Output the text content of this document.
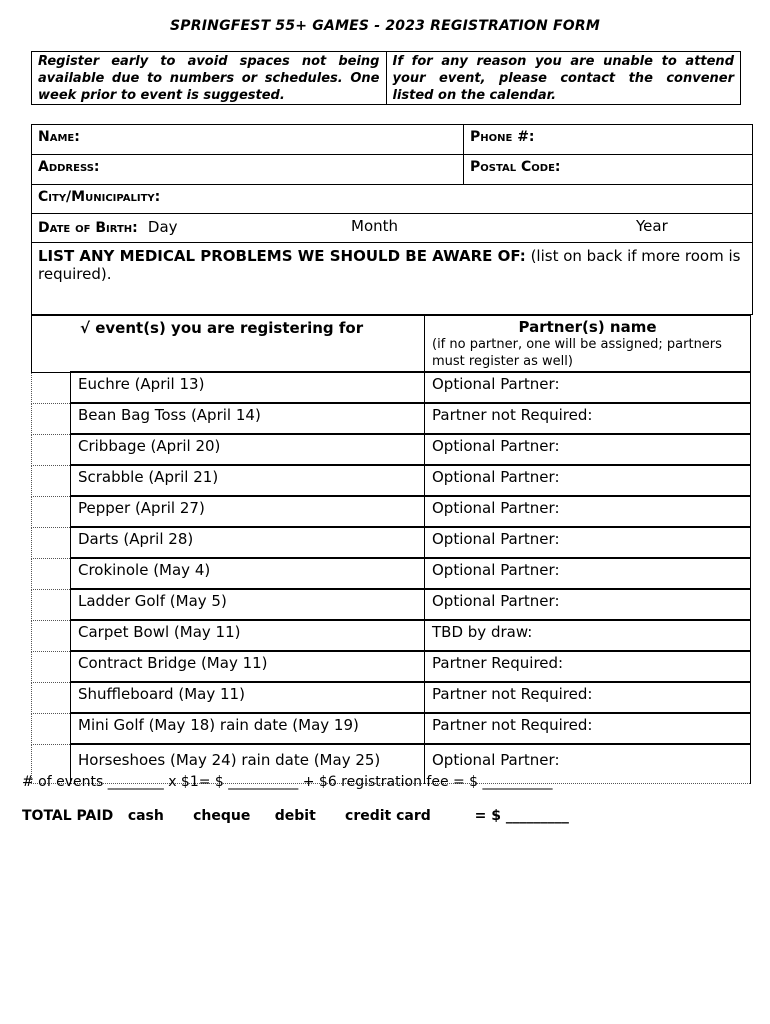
SPRINGFEST 55+ GAMES - 2023 REGISTRATION FORM
Register early to avoid spaces not being available due to numbers or schedules. One week prior to event is suggested.
If for any reason you are unable to attend your event, please contact the convener listed on the calendar.
Name:	Phone #:
Address:	Postal Code:
City/Municipality:
Date of Birth: Day	Month	Year
LIST ANY MEDICAL PROBLEMS WE SHOULD BE AWARE OF: (list on back if more room is required).
√ event(s) you are registering for		Partner(s) name
(if no partner, one will be assigned; partners must register as well)

	Euchre (April 13)	Optional Partner:
	Bean Bag Toss (April 14)	Partner not Required:
	Cribbage (April 20)	Optional Partner:
	Scrabble (April 21)	Optional Partner:
	Pepper (April 27)	Optional Partner:
	Darts (April 28)	Optional Partner:
	Crokinole (May 4)	Optional Partner:
	Ladder Golf (May 5)	Optional Partner:
	Carpet Bowl (May 11)	TBD by draw:
	Contract Bridge (May 11)	Partner Required:
	Shuffleboard (May 11)	Partner not Required:
	Mini Golf (May 18) rain date (May 19)	Partner not Required:
	Horseshoes (May 24) rain date (May 25)	Optional Partner:
# of events ________ x $1= $ __________ + $6 registration fee = $ __________
TOTAL PAID cash cheque debit credit card	= $ _________
